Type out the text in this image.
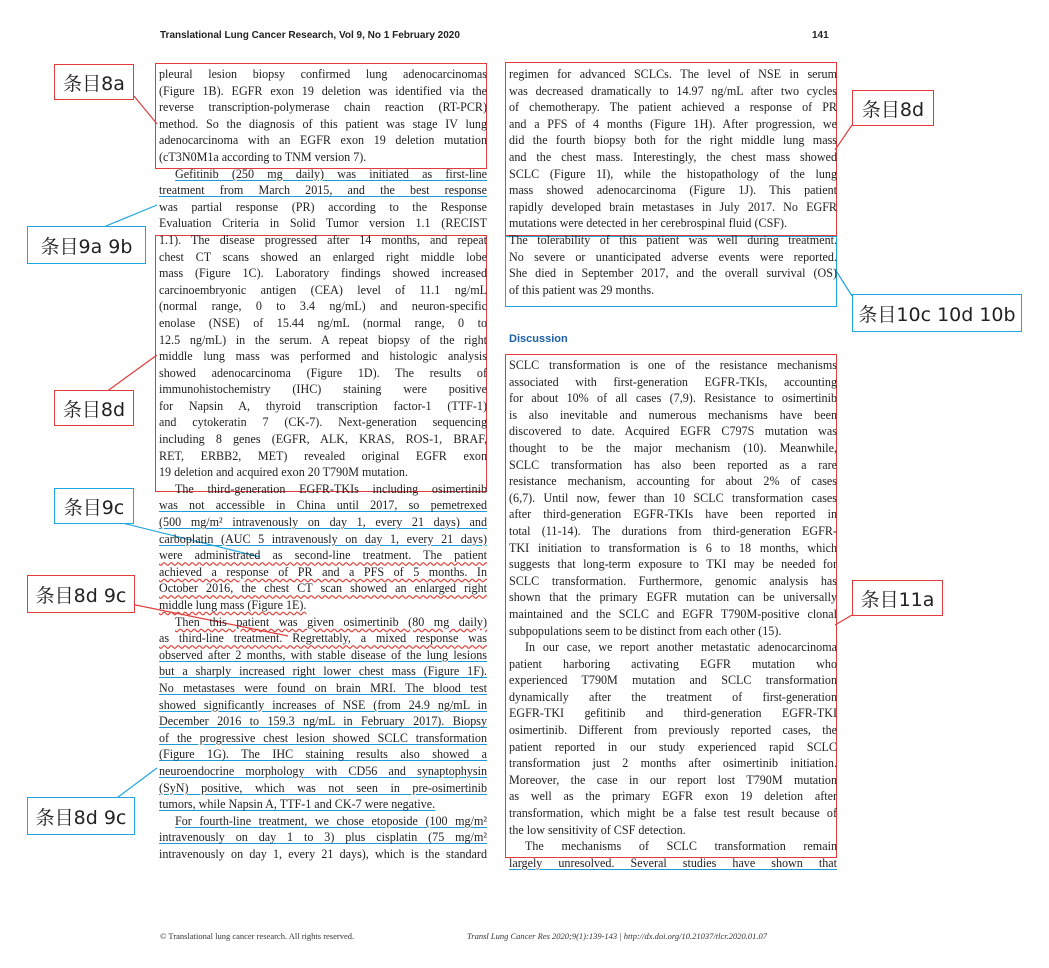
Translational Lung Cancer Research, Vol 9, No 1 February 2020	141
pleural lesion biopsy confirmed lung adenocarcinomas
(Figure 1B). EGFR exon 19 deletion was identified via the
reverse transcription-polymerase chain reaction (RT-PCR)
method. So the diagnosis of this patient was stage IV lung
adenocarcinoma with an EGFR exon 19 deletion mutation
(cT3N0M1a according to TNM version 7).
Gefitinib (250 mg daily) was initiated as first-line
treatment from March 2015, and the best response
was partial response (PR) according to the Response
Evaluation Criteria in Solid Tumor version 1.1 (RECIST
1.1). The disease progressed after 14 months, and repeat
chest CT scans showed an enlarged right middle lobe
mass (Figure 1C). Laboratory findings showed increased
carcinoembryonic antigen (CEA) level of 11.1 ng/mL
(normal range, 0 to 3.4 ng/mL) and neuron-specific
enolase (NSE) of 15.44 ng/mL (normal range, 0 to
12.5 ng/mL) in the serum. A repeat biopsy of the right
middle lung mass was performed and histologic analysis
showed adenocarcinoma (Figure 1D). The results of
immunohistochemistry (IHC) staining were positive
for Napsin A, thyroid transcription factor-1 (TTF-1)
and cytokeratin 7 (CK-7). Next-generation sequencing
including 8 genes (EGFR, ALK, KRAS, ROS-1, BRAF,
RET, ERBB2, MET) revealed original EGFR exon
19 deletion and acquired exon 20 T790M mutation.
The third-generation EGFR-TKIs including osimertinib
was not accessible in China until 2017, so pemetrexed
(500 mg/m² intravenously on day 1, every 21 days) and
carboplatin (AUC 5 intravenously on day 1, every 21 days)
were administrated as second-line treatment. The patient
achieved a response of PR and a PFS of 5 months. In
October 2016, the chest CT scan showed an enlarged right
middle lung mass (Figure 1E).
Then this patient was given osimertinib (80 mg daily)
as third-line treatment. Regrettably, a mixed response was
observed after 2 months, with stable disease of the lung lesions
but a sharply increased right lower chest mass (Figure 1F).
No metastases were found on brain MRI. The blood test
showed significantly increases of NSE (from 24.9 ng/mL in
December 2016 to 159.3 ng/mL in February 2017). Biopsy
of the progressive chest lesion showed SCLC transformation
(Figure 1G). The IHC staining results also showed a
neuroendocrine morphology with CD56 and synaptophysin
(SyN) positive, which was not seen in pre-osimertinib
tumors, while Napsin A, TTF-1 and CK-7 were negative.
For fourth-line treatment, we chose etoposide (100 mg/m²
intravenously on day 1 to 3) plus cisplatin (75 mg/m²
intravenously on day 1, every 21 days), which is the standard
regimen for advanced SCLCs. The level of NSE in serum
was decreased dramatically to 14.97 ng/mL after two cycles
of chemotherapy. The patient achieved a response of PR
and a PFS of 4 months (Figure 1H). After progression, we
did the fourth biopsy both for the right middle lung mass
and the chest mass. Interestingly, the chest mass showed
SCLC (Figure 1I), while the histopathology of the lung
mass showed adenocarcinoma (Figure 1J). This patient
rapidly developed brain metastases in July 2017. No EGFR
mutations were detected in her cerebrospinal fluid (CSF).
The tolerability of this patient was well during treatment.
No severe or unanticipated adverse events were reported.
She died in September 2017, and the overall survival (OS)
of this patient was 29 months.
Discussion
SCLC transformation is one of the resistance mechanisms
associated with first-generation EGFR-TKIs, accounting
for about 10% of all cases (7,9). Resistance to osimertinib
is also inevitable and numerous mechanisms have been
discovered to date. Acquired EGFR C797S mutation was
thought to be the major mechanism (10). Meanwhile,
SCLC transformation has also been reported as a rare
resistance mechanism, accounting for about 2% of cases
(6,7). Until now, fewer than 10 SCLC transformation cases
after third-generation EGFR-TKIs have been reported in
total (11-14). The durations from third-generation EGFR-
TKI initiation to transformation is 6 to 18 months, which
suggests that long-term exposure to TKI may be needed for
SCLC transformation. Furthermore, genomic analysis has
shown that the primary EGFR mutation can be universally
maintained and the SCLC and EGFR T790M-positive clonal
subpopulations seem to be distinct from each other (15).
In our case, we report another metastatic adenocarcinoma
patient harboring activating EGFR mutation who
experienced T790M mutation and SCLC transformation
dynamically after the treatment of first-generation
EGFR-TKI gefitinib and third-generation EGFR-TKI
osimertinib. Different from previously reported cases, the
patient reported in our study experienced rapid SCLC
transformation just 2 months after osimertinib initiation.
Moreover, the case in our report lost T790M mutation
as well as the primary EGFR exon 19 deletion after
transformation, which might be a false test result because of
the low sensitivity of CSF detection.
The mechanisms of SCLC transformation remain
largely unresolved. Several studies have shown that
条目8a
条目9a 9b
条目8d
条目9c
条目8d 9c
条目8d 9c
条目8d
条目10c 10d 10b
条目11a
© Translational lung cancer research. All rights reserved.	Transl Lung Cancer Res 2020;9(1):139-143 | http://dx.doi.org/10.21037/tlcr.2020.01.07
